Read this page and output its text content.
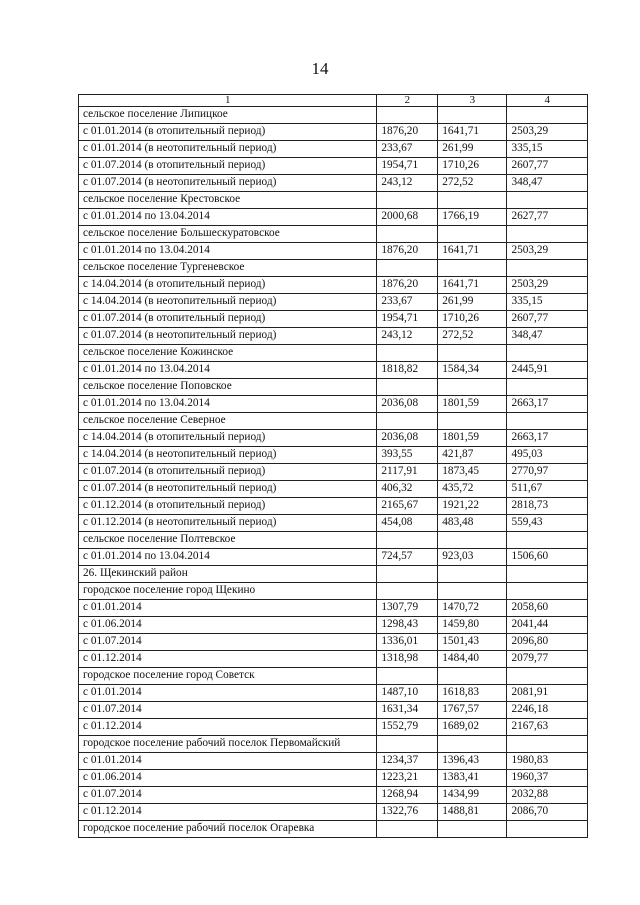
14
1	2	3	4
сельское поселение Липицкое			
с 01.01.2014 (в отопительный период)	1876,20	1641,71	2503,29
с 01.01.2014 (в неотопительный период)	233,67	261,99	335,15
с 01.07.2014 (в отопительный период)	1954,71	1710,26	2607,77
с 01.07.2014 (в неотопительный период)	243,12	272,52	348,47
сельское поселение Крестовское			
с 01.01.2014 по 13.04.2014	2000,68	1766,19	2627,77
сельское поселение Большескуратовское			
с 01.01.2014 по 13.04.2014	1876,20	1641,71	2503,29
сельское поселение Тургеневское			
с 14.04.2014 (в отопительный период)	1876,20	1641,71	2503,29
с 14.04.2014 (в неотопительный период)	233,67	261,99	335,15
с 01.07.2014 (в отопительный период)	1954,71	1710,26	2607,77
с 01.07.2014 (в неотопительный период)	243,12	272,52	348,47
сельское поселение Кожинское			
с 01.01.2014 по 13.04.2014	1818,82	1584,34	2445,91
сельское поселение Поповское			
с 01.01.2014 по 13.04.2014	2036,08	1801,59	2663,17
сельское поселение Северное			
с 14.04.2014 (в отопительный период)	2036,08	1801,59	2663,17
с 14.04.2014 (в неотопительный период)	393,55	421,87	495,03
с 01.07.2014 (в отопительный период)	2117,91	1873,45	2770,97
с 01.07.2014 (в неотопительный период)	406,32	435,72	511,67
с 01.12.2014 (в отопительный период)	2165,67	1921,22	2818,73
с 01.12.2014 (в неотопительный период)	454,08	483,48	559,43
сельское поселение Полтевское			
с 01.01.2014 по 13.04.2014	724,57	923,03	1506,60
26. Щекинский район			
городское поселение город Щекино			
с 01.01.2014	1307,79	1470,72	2058,60
с 01.06.2014	1298,43	1459,80	2041,44
с 01.07.2014	1336,01	1501,43	2096,80
с 01.12.2014	1318,98	1484,40	2079,77
городское поселение город Советск			
с 01.01.2014	1487,10	1618,83	2081,91
с 01.07.2014	1631,34	1767,57	2246,18
с 01.12.2014	1552,79	1689,02	2167,63
городское поселение рабочий поселок Первомайский			
с 01.01.2014	1234,37	1396,43	1980,83
с 01.06.2014	1223,21	1383,41	1960,37
с 01.07.2014	1268,94	1434,99	2032,88
с 01.12.2014	1322,76	1488,81	2086,70
городское поселение рабочий поселок Огаревка			
